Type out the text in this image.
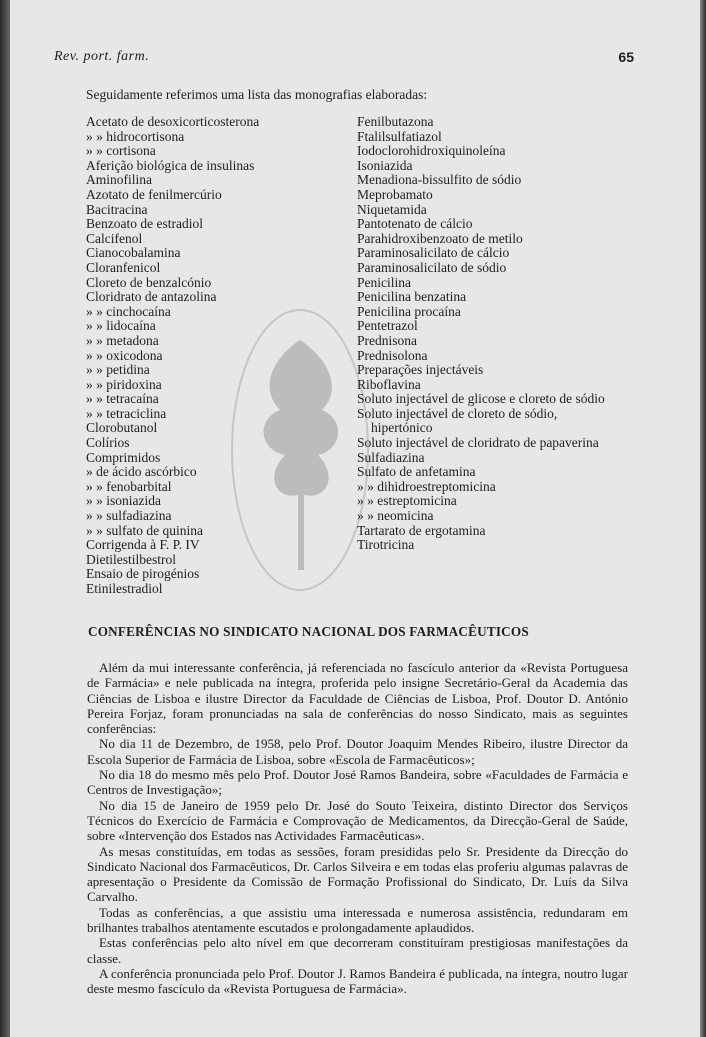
Rev. port. farm.	65
Seguidamente referimos uma lista das monografias elaboradas:
Acetato de desoxicorticosterona
» » hidrocortisona
» » cortisona
Aferição biológica de insulinas
Aminofilina
Azotato de fenilmercúrio
Bacitracina
Benzoato de estradiol
Calcifenol
Cianocobalamina
Cloranfenicol
Cloreto de benzalcónio
Cloridrato de antazolina
» » cinchocaína
» » lidocaína
» » metadona
» » oxicodona
» » petidina
» » piridoxina
» » tetracaína
» » tetraciclina
Clorobutanol
Colírios
Comprimidos
» de ácido ascórbico
» » fenobarbital
» » isoniazida
» » sulfadiazina
» » sulfato de quinina
Corrigenda à F. P. IV
Dietilestilbestrol
Ensaio de pirogénios
Etinilestradiol
Fenilbutazona
Ftalilsulfatiazol
Iodoclorohidroxiquinoleína
Isoniazida
Menadiona-bissulfito de sódio
Meprobamato
Niquetamida
Pantotenato de cálcio
Parahidroxibenzoato de metilo
Paraminosalicilato de cálcio
Paraminosalicilato de sódio
Penicilina
Penicilina benzatina
Penicilina procaína
Pentetrazol
Prednisona
Prednisolona
Preparações injectáveis
Riboflavina
Soluto injectável de glicose e cloreto de sódio
Soluto injectável de cloreto de sódio, hipertónico
Soluto injectável de cloridrato de papaverina
Sulfadiazina
Sulfato de anfetamina
» » dihidroestreptomicina
» » estreptomicina
» » neomicina
Tartarato de ergotamina
Tirotricina
CONFERÊNCIAS NO SINDICATO NACIONAL DOS FARMACÊUTICOS

Além da mui interessante conferência, já referenciada no fascículo anterior da «Revista Portuguesa de Farmácia» e nele publicada na íntegra, proferida pelo insigne Secretário-Geral da Academia das Ciências de Lisboa e ilustre Director da Faculdade de Ciências de Lisboa, Prof. Doutor D. António Pereira Forjaz, foram pronunciadas na sala de conferências do nosso Sindicato, mais as seguintes conferências:

No dia 11 de Dezembro, de 1958, pelo Prof. Doutor Joaquim Mendes Ribeiro, ilustre Director da Escola Superior de Farmácia de Lisboa, sobre «Escola de Farmacêuticos»;

No dia 18 do mesmo mês pelo Prof. Doutor José Ramos Bandeira, sobre «Faculdades de Farmácia e Centros de Investigação»;

No dia 15 de Janeiro de 1959 pelo Dr. José do Souto Teixeira, distinto Director dos Serviços Técnicos do Exercício de Farmácia e Comprovação de Medicamentos, da Direcção-Geral de Saúde, sobre «Intervenção dos Estados nas Actividades Farmacêuticas».

As mesas constituídas, em todas as sessões, foram presididas pelo Sr. Presidente da Direcção do Sindicato Nacional dos Farmacêuticos, Dr. Carlos Silveira e em todas elas proferiu algumas palavras de apresentação o Presidente da Comissão de Formação Profissional do Sindicato, Dr. Luís da Silva Carvalho.

Todas as conferências, a que assistiu uma interessada e numerosa assistência, redundaram em brilhantes trabalhos atentamente escutados e prolongadamente aplaudidos.

Estas conferências pelo alto nível em que decorreram constituíram prestigiosas manifestações da classe.

A conferência pronunciada pelo Prof. Doutor J. Ramos Bandeira é publicada, na íntegra, noutro lugar deste mesmo fascículo da «Revista Portuguesa de Farmácia».
